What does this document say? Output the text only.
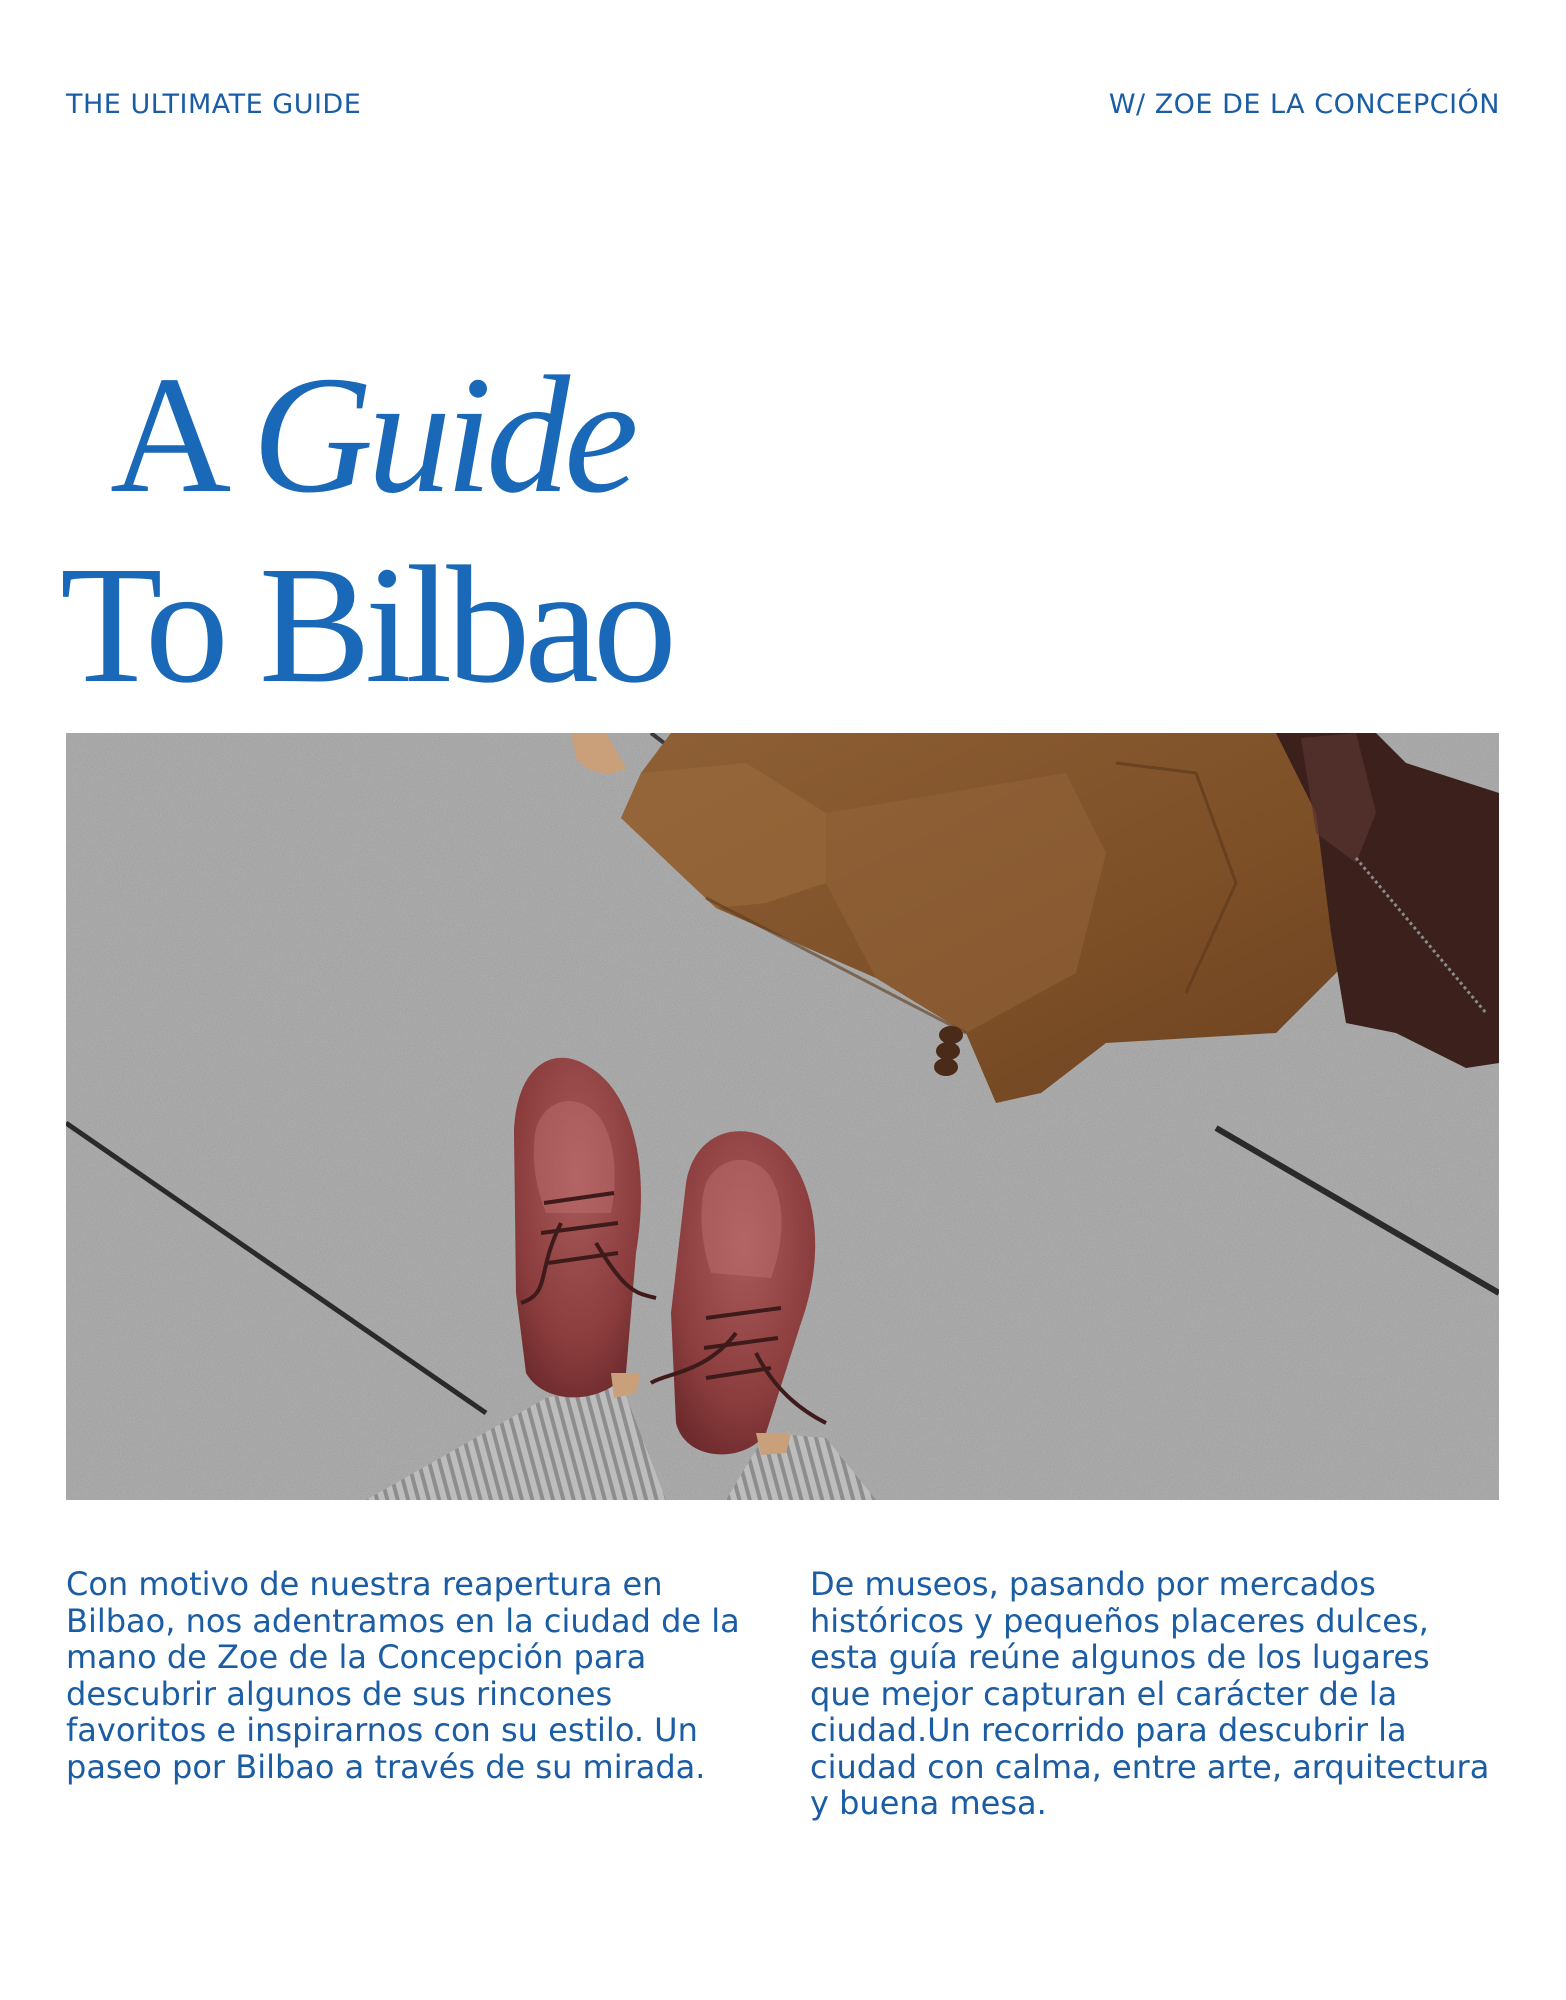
THE ULTIMATE GUIDE	W/ ZOE DE LA CONCEPCIÓN
A Guide
To Bilbao

Con motivo de nuestra reapertura en Bilbao, nos adentramos en la ciudad de la mano de Zoe de la Concepción para descubrir algunos de sus rincones favoritos e inspirarnos con su estilo. Un paseo por Bilbao a través de su mirada.

De museos, pasando por mercados históricos y pequeños placeres dulces, esta guía reúne algunos de los lugares que mejor capturan el carácter de la ciudad.Un recorrido para descubrir la ciudad con calma, entre arte, arquitectura y buena mesa.
